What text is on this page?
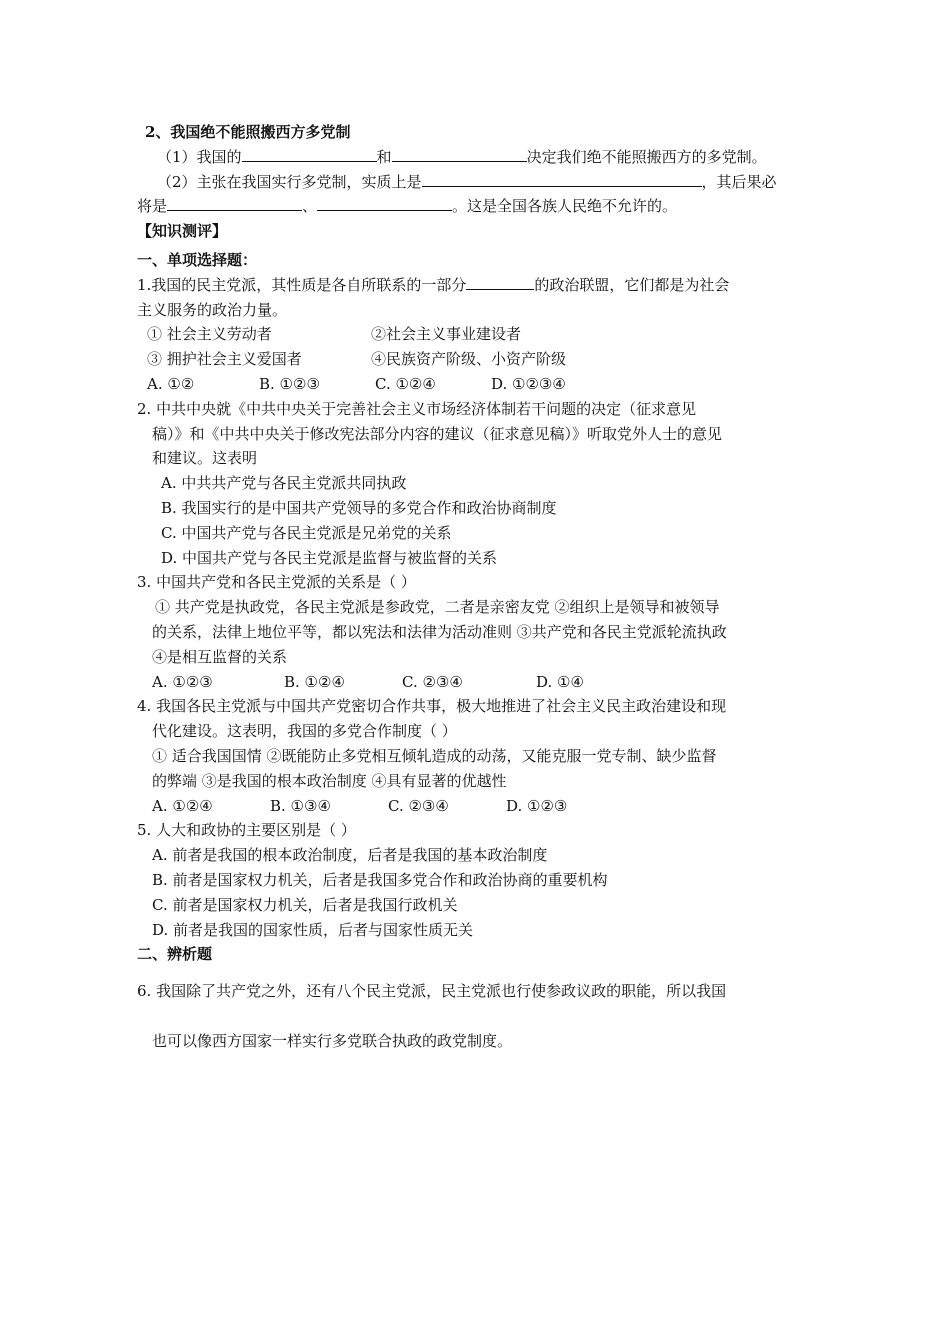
2、我国绝不能照搬西方多党制
（1）我国的	和	决定我们绝不能照搬西方的多党制。
（2）主张在我国实行多党制，实质上是	，其后果必
将是	、	。这是全国各族人民绝不允许的。
【知识测评】
一、单项选择题：
1.我国的民主党派，其性质是各自所联系的一部分	的政治联盟，它们都是为社会
主义服务的政治力量。
① 社会主义劳动者	②社会主义事业建设者
③ 拥护社会主义爱国者	④民族资产阶级、小资产阶级
A. ①②	B. ①②③	C. ①②④	D. ①②③④
2. 中共中央就《中共中央关于完善社会主义市场经济体制若干问题的决定（征求意见
稿）》和《中共中央关于修改宪法部分内容的建议（征求意见稿）》听取党外人士的意见
和建议。这表明
A. 中共共产党与各民主党派共同执政
B. 我国实行的是中国共产党领导的多党合作和政治协商制度
C. 中国共产党与各民主党派是兄弟党的关系
D. 中国共产党与各民主党派是监督与被监督的关系
3. 中国共产党和各民主党派的关系是（ ）
① 共产党是执政党，各民主党派是参政党，二者是亲密友党 ②组织上是领导和被领导
的关系，法律上地位平等，都以宪法和法律为活动准则 ③共产党和各民主党派轮流执政
④是相互监督的关系
A. ①②③	B. ①②④	C. ②③④	D. ①④
4. 我国各民主党派与中国共产党密切合作共事，极大地推进了社会主义民主政治建设和现
代化建设。这表明，我国的多党合作制度（ ）
① 适合我国国情 ②既能防止多党相互倾轧造成的动荡，又能克服一党专制、缺少监督
的弊端 ③是我国的根本政治制度 ④具有显著的优越性
A. ①②④	B. ①③④	C. ②③④	D. ①②③
5. 人大和政协的主要区别是（ ）
A. 前者是我国的根本政治制度，后者是我国的基本政治制度
B. 前者是国家权力机关，后者是我国多党合作和政治协商的重要机构
C. 前者是国家权力机关，后者是我国行政机关
D. 前者是我国的国家性质，后者与国家性质无关
二、辨析题
6. 我国除了共产党之外，还有八个民主党派，民主党派也行使参政议政的职能，所以我国
也可以像西方国家一样实行多党联合执政的政党制度。
